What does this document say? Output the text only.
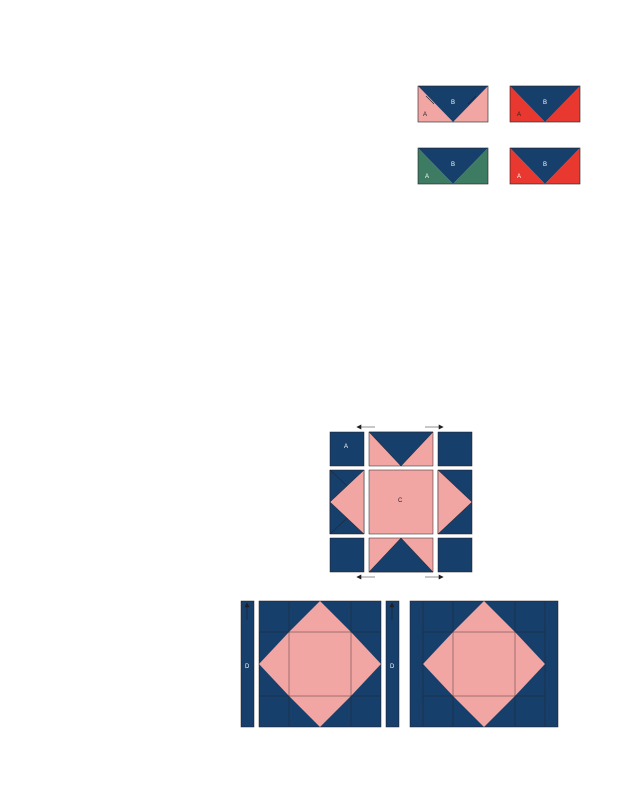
A
B
A
B
A
B
A
B
A
C
D	D
